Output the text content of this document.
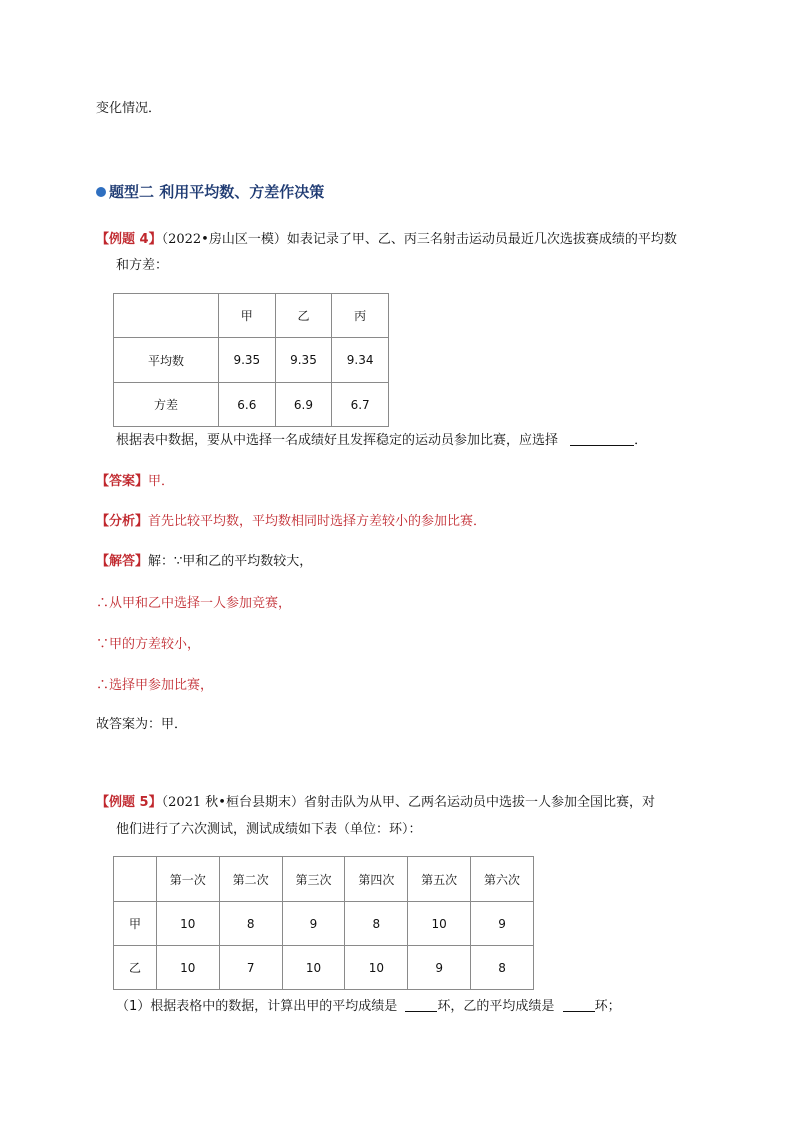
变化情况．
题型二 利用平均数、方差作决策
【例题 4】（2022•房山区一模）如表记录了甲、乙、丙三名射击运动员最近几次选拔赛成绩的平均数
和方差：
	甲	乙	丙
平均数	9.35	9.35	9.34
方差	6.6	6.9	6.7
根据表中数据，要从中选择一名成绩好且发挥稳定的运动员参加比赛，应选择	．
【答案】甲．
【分析】首先比较平均数，平均数相同时选择方差较小的参加比赛．
【解答】解：∵甲和乙的平均数较大，
∴从甲和乙中选择一人参加竞赛，
∵甲的方差较小，
∴选择甲参加比赛，
故答案为：甲．
【例题 5】（2021 秋•桓台县期末）省射击队为从甲、乙两名运动员中选拔一人参加全国比赛，对
他们进行了六次测试，测试成绩如下表（单位：环）：
	第一次	第二次	第三次	第四次	第五次	第六次
甲	10	8	9	8	10	9
乙	10	7	10	10	9	8
（1）根据表格中的数据，计算出甲的平均成绩是	环，乙的平均成绩是	环；
